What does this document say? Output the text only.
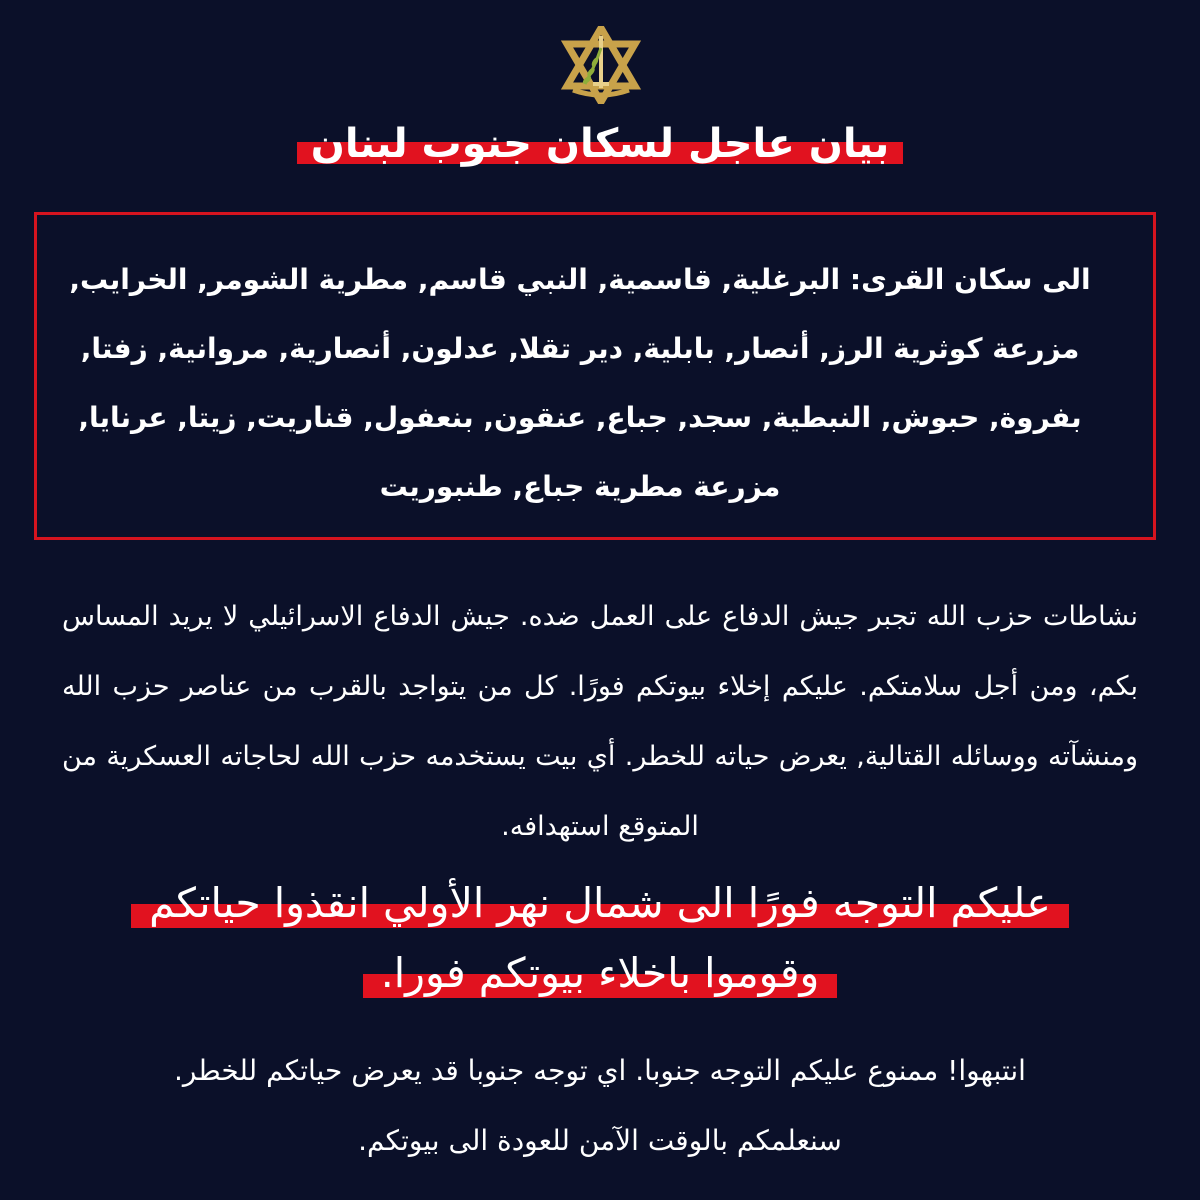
بيان عاجل لسكان جنوب لبنان
الى سكان القرى: البرغلية, قاسمية, النبي قاسم, مطرية الشومر, الخرايب, مزرعة كوثرية الرز, أنصار, بابلية, دير تقلا, عدلون, أنصارية, مروانية, زفتا, بفروة, حبوش, النبطية, سجد, جباع, عنقون, بنعفول, قناريت, زيتا, عرنايا, مزرعة مطرية جباع, طنبوريت
نشاطات حزب الله تجبر جيش الدفاع على العمل ضده. جيش الدفاع الاسرائيلي لا يريد المساس بكم، ومن أجل سلامتكم. عليكم إخلاء بيوتكم فورًا. كل من يتواجد بالقرب من عناصر حزب الله ومنشآته ووسائله القتالية, يعرض حياته للخطر. أي بيت يستخدمه حزب الله لحاجاته العسكرية من المتوقع استهدافه.
عليكم التوجه فورًا الى شمال نهر الأولي انقذوا حياتكم

وقوموا باخلاء بيوتكم فورا.
انتبهوا! ممنوع عليكم التوجه جنوبا. اي توجه جنوبا قد يعرض حياتكم للخطر.
سنعلمكم بالوقت الآمن للعودة الى بيوتكم.
